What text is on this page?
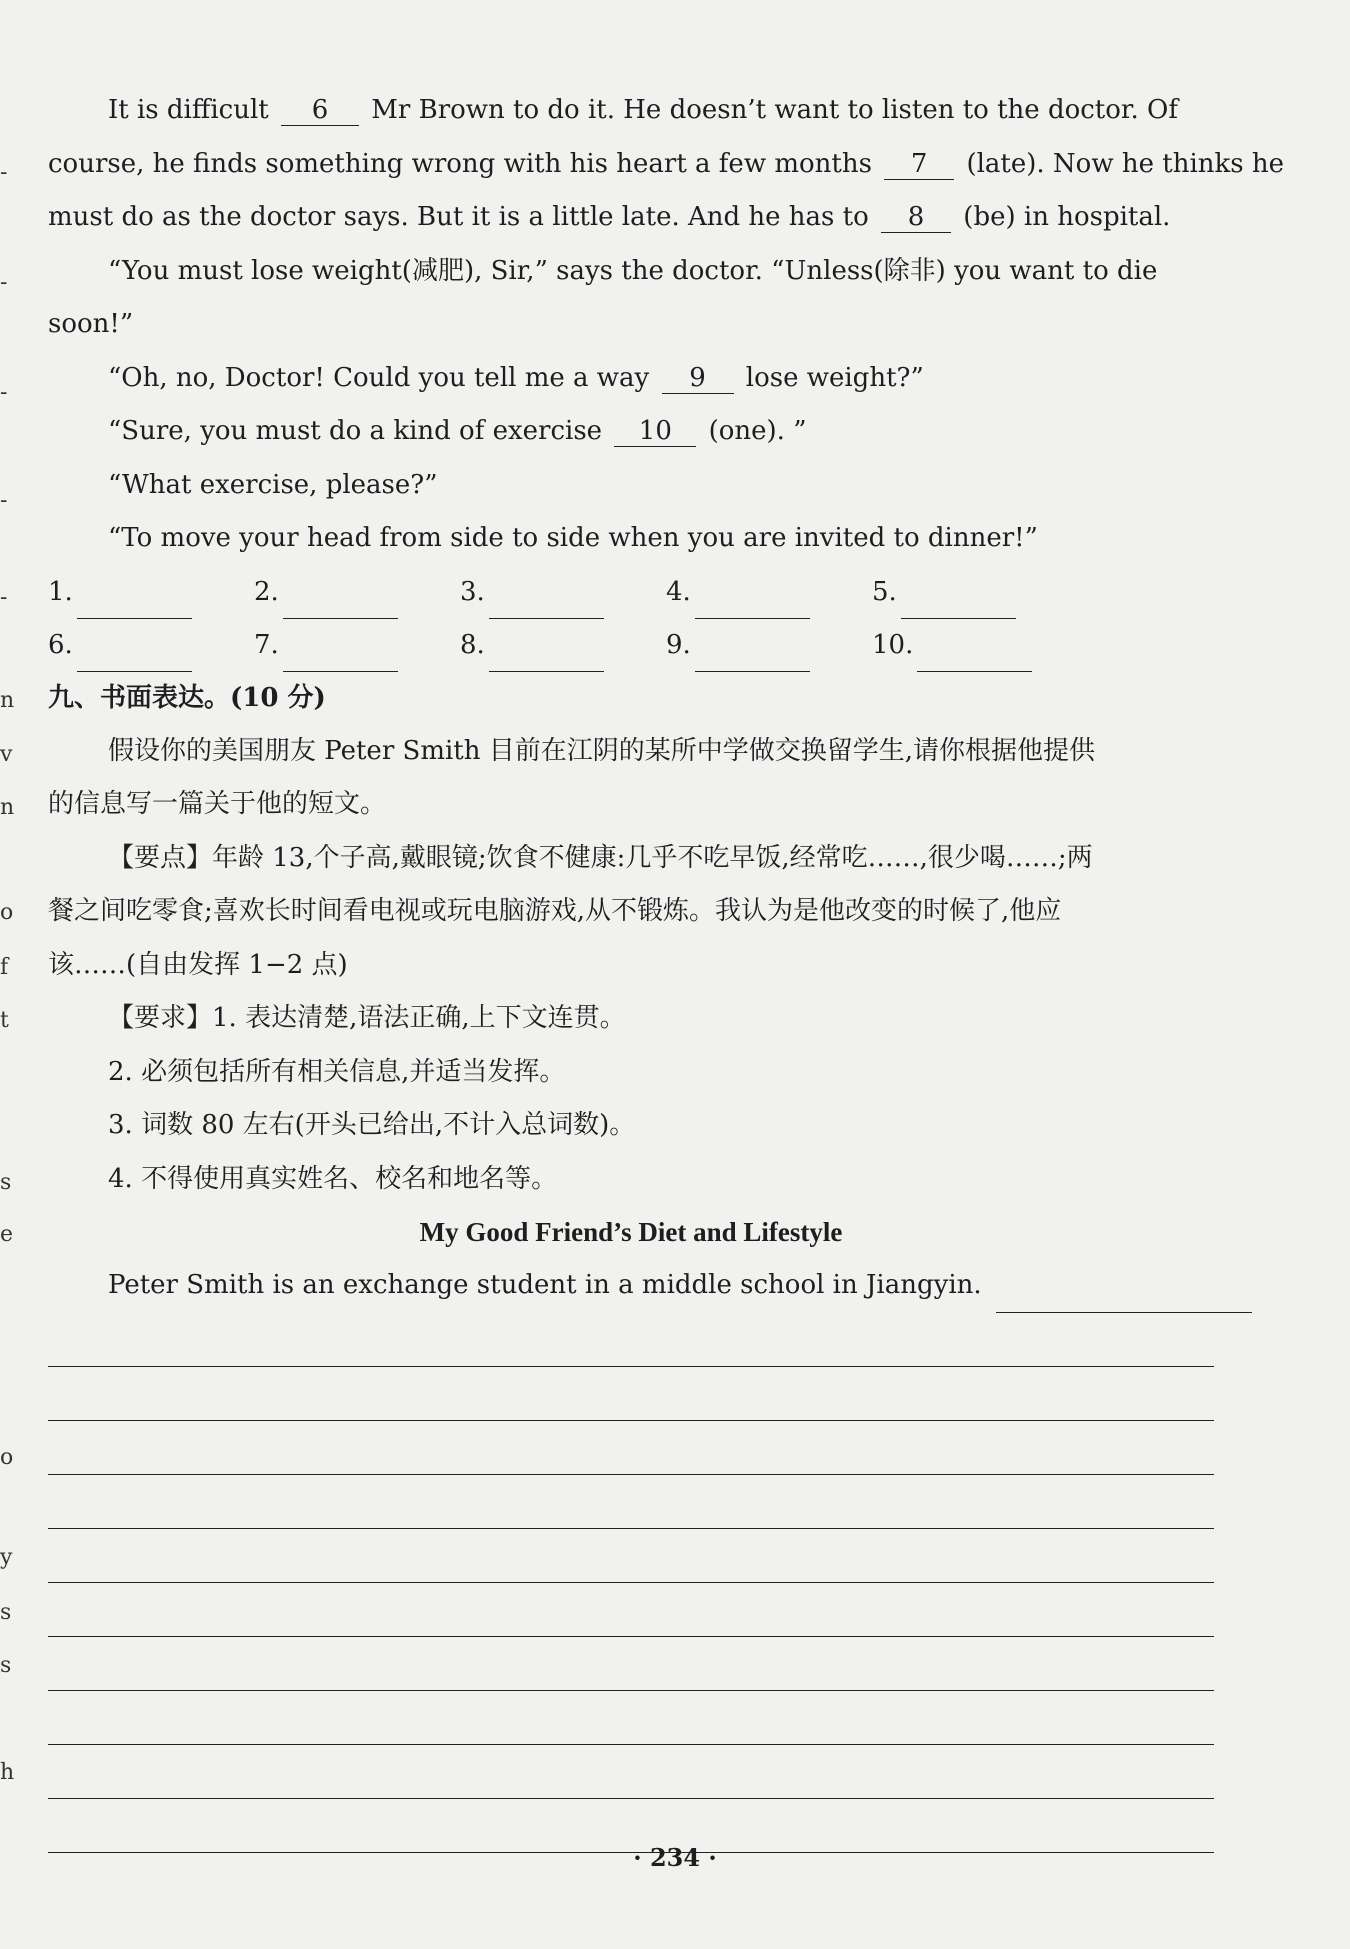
-
-
-
-
-
n
v
n
o
f
t
s
e
o
y
s
s
h

It is difficult 6 Mr Brown to do it. He doesn’t want to listen to the doctor. Of

course, he finds something wrong with his heart a few months 7 (late). Now he thinks he

must do as the doctor says. But it is a little late. And he has to 8 (be) in hospital.

“You must lose weight(减肥), Sir,” says the doctor. “Unless(除非) you want to die

soon!”

“Oh, no, Doctor! Could you tell me a way 9 lose weight?”

“Sure, you must do a kind of exercise 10 (one). ”

“What exercise, please?”

“To move your head from side to side when you are invited to dinner!”

1.	2.	3.	4.	5.
6.	7.	8.	9.	10.

九、书面表达。(10 分)

假设你的美国朋友 Peter Smith 目前在江阴的某所中学做交换留学生,请你根据他提供

的信息写一篇关于他的短文。

【要点】年龄 13,个子高,戴眼镜;饮食不健康:几乎不吃早饭,经常吃……,很少喝……;两

餐之间吃零食;喜欢长时间看电视或玩电脑游戏,从不锻炼。我认为是他改变的时候了,他应

该……(自由发挥 1−2 点)

【要求】1. 表达清楚,语法正确,上下文连贯。

2. 必须包括所有相关信息,并适当发挥。

3. 词数 80 左右(开头已给出,不计入总词数)。

4. 不得使用真实姓名、校名和地名等。

My Good Friend’s Diet and Lifestyle

Peter Smith is an exchange student in a middle school in Jiangyin.

· 234 ·
